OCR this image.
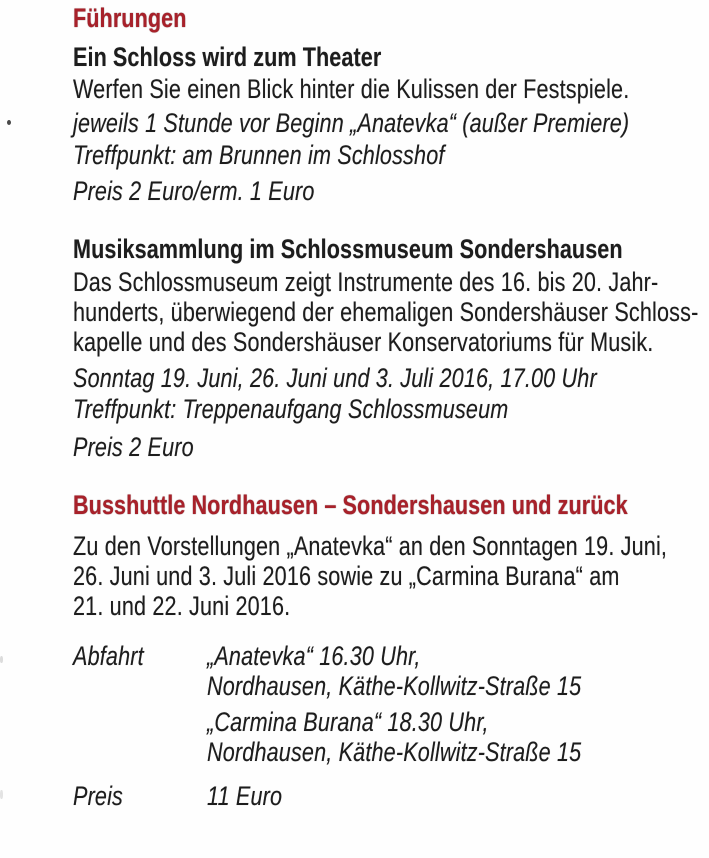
Führungen
Ein Schloss wird zum Theater
Werfen Sie einen Blick hinter die Kulissen der Festspiele.
jeweils 1 Stunde vor Beginn „Anatevka“ (außer Premiere)
Treffpunkt: am Brunnen im Schlosshof
Preis 2 Euro/erm. 1 Euro
Musiksammlung im Schlossmuseum Sondershausen
Das Schlossmuseum zeigt Instrumente des 16. bis 20. Jahr-
hunderts, überwiegend der ehemaligen Sondershäuser Schloss-
kapelle und des Sondershäuser Konservatoriums für Musik.
Sonntag 19. Juni, 26. Juni und 3. Juli 2016, 17.00 Uhr
Treffpunkt: Treppenaufgang Schlossmuseum
Preis 2 Euro
Busshuttle Nordhausen – Sondershausen und zurück
Zu den Vorstellungen „Anatevka“ an den Sonntagen 19. Juni,
26. Juni und 3. Juli 2016 sowie zu „Carmina Burana“ am
21. und 22. Juni 2016.
Abfahrt „Anatevka“ 16.30 Uhr,
Nordhausen, Käthe-Kollwitz-Straße 15
„Carmina Burana“ 18.30 Uhr,
Nordhausen, Käthe-Kollwitz-Straße 15
Preis	11 Euro
